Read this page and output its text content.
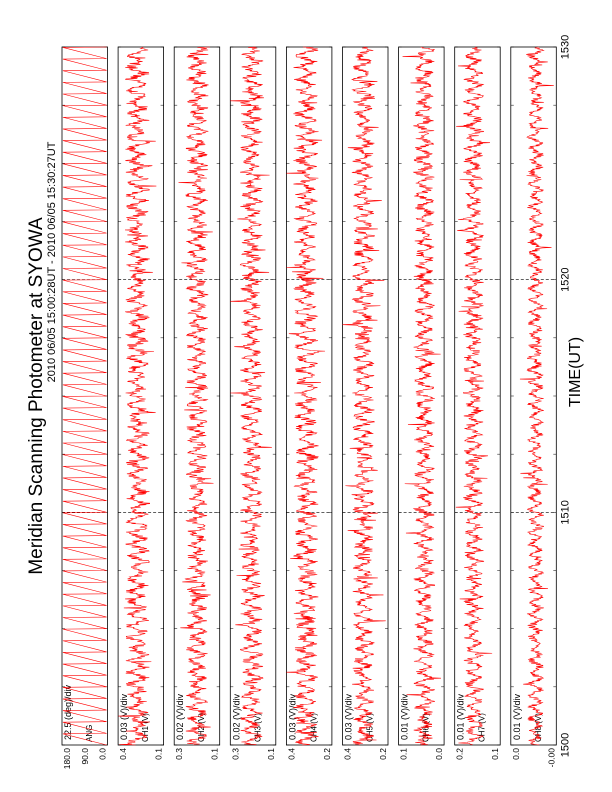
Meridian Scanning Photometer at SYOWA 2010 06/05 15:00:28UT - 2010 06/05 15:30:27UT	TIME(UT)
1500
1510
1520
1530
180.0 90.0 0.0
ANG
22.5 (deg)/div
0.4	0.1
CH1 (V)
0.03 (V)/div
0.3	0.1
CH2 (V)
0.02 (V)/div
0.3	0.1
CH3 (V)
0.02 (V)/div
0.4	0.2
CH4 (V)
0.03 (V)/div
0.4	0.2
CH5 (V)
0.03 (V)/div
0.1	0.0
CH6 (V)
0.01 (V)/div
0.2	0.1
CH7 (V)
0.01 (V)/div
0.0	-0.00
CH8 (V)
0.01 (V)/div
